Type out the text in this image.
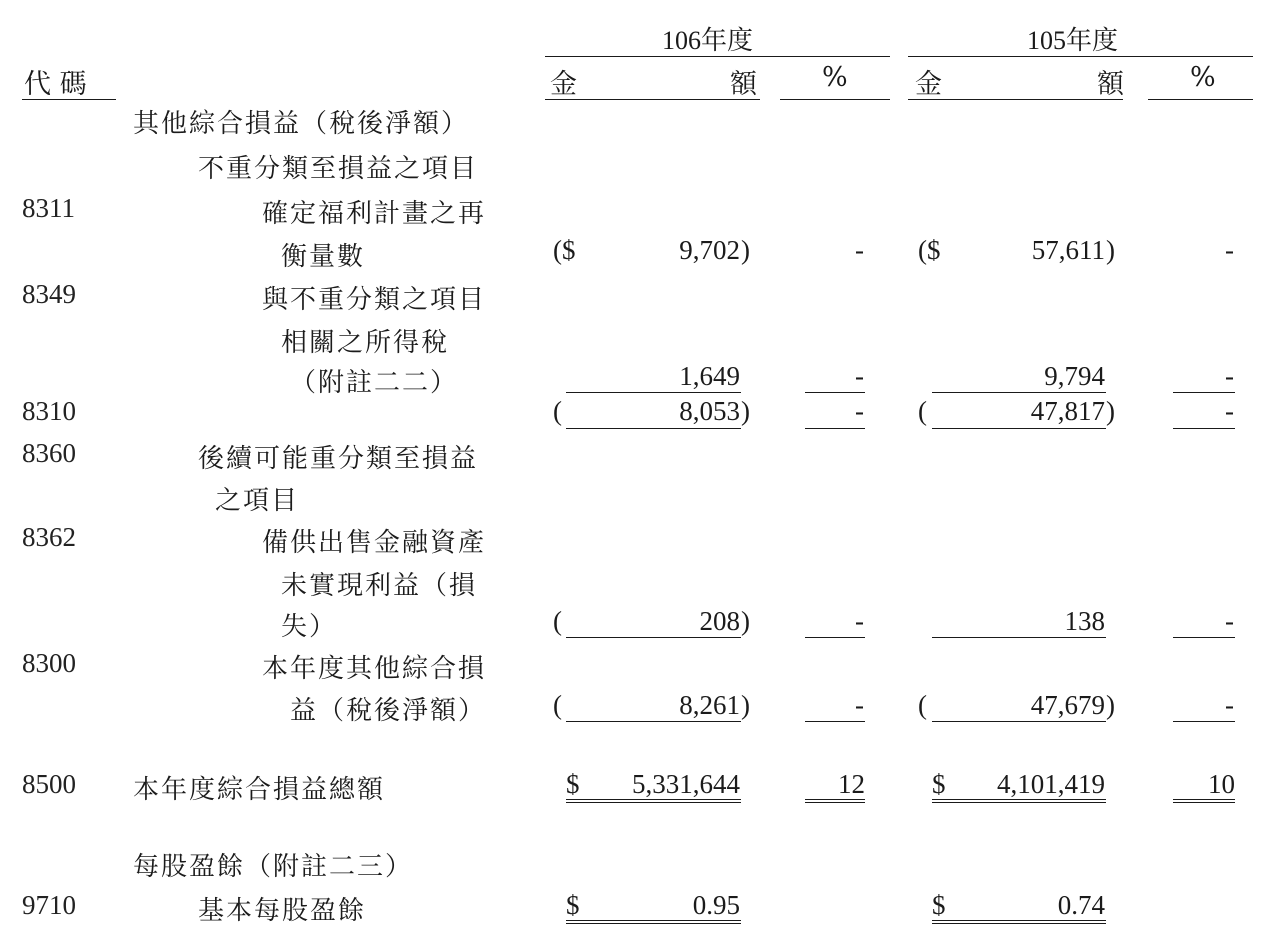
106年度	105年度
代 碼	金	額 % 金	額 %
其他綜合損益（稅後淨額）
不重分類至損益之項目
8311	確定福利計畫之再
衡量數	($	9,702 )	- ($	57,611 )	-
8349	與不重分類之項目
相關之所得稅
（附註二二）	1,649	-	9,794	-
8310	(	8,053 )	- (	47,817 )	-
8360	後續可能重分類至損益
之項目
8362	備供出售金融資產
未實現利益（損
失）	(	208 )	-	138	-
8300	本年度其他綜合損
益（稅後淨額） (	8,261 )	- (	47,679 )	-
8500 本年度綜合損益總額	$	5,331,644	12 $	4,101,419	10
每股盈餘（附註二三）
9710	基本每股盈餘	$	0.95	$	0.74
